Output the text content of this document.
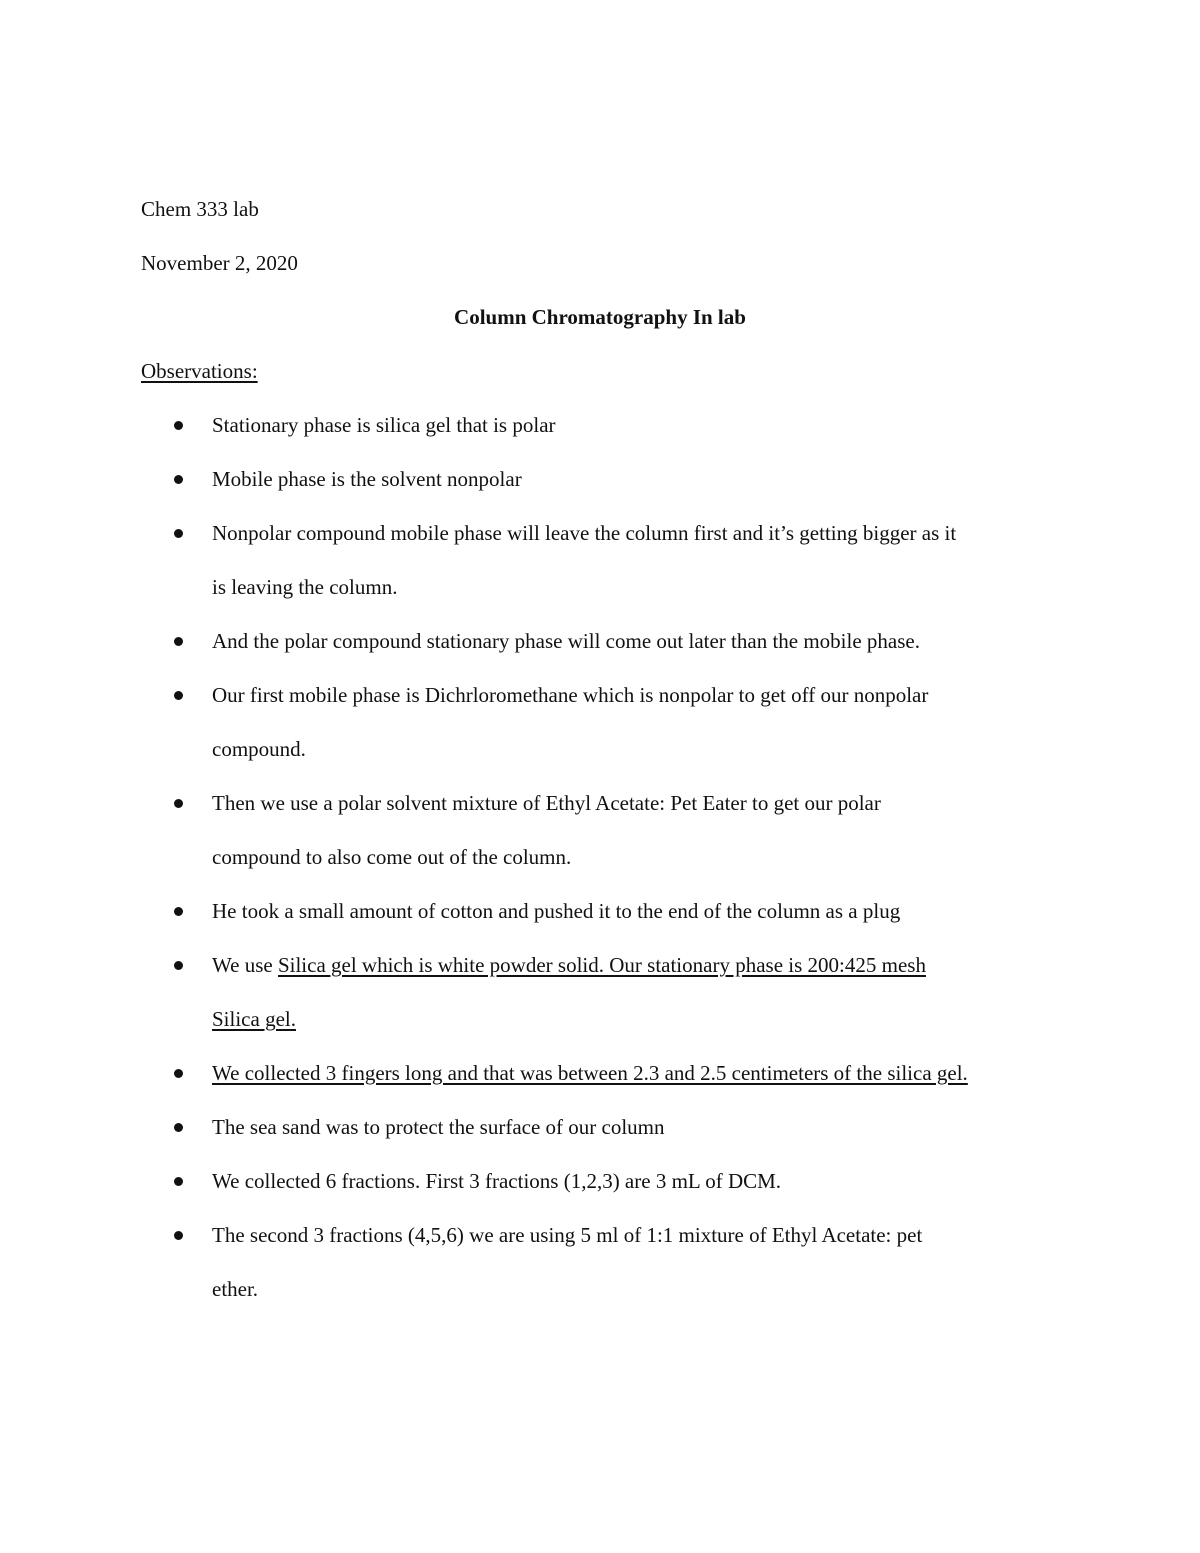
Chem 333 lab

November 2, 2020

Column Chromatography In lab

Observations:

Stationary phase is silica gel that is polar
Mobile phase is the solvent nonpolar
Nonpolar compound mobile phase will leave the column first and it’s getting bigger as it
is leaving the column.
And the polar compound stationary phase will come out later than the mobile phase.
Our first mobile phase is Dichrloromethane which is nonpolar to get off our nonpolar
compound.
Then we use a polar solvent mixture of Ethyl Acetate: Pet Eater to get our polar
compound to also come out of the column.
He took a small amount of cotton and pushed it to the end of the column as a plug
We use Silica gel which is white powder solid. Our stationary phase is 200:425 mesh
Silica gel.
We collected 3 fingers long and that was between 2.3 and 2.5 centimeters of the silica gel.
The sea sand was to protect the surface of our column
We collected 6 fractions. First 3 fractions (1,2,3) are 3 mL of DCM.
The second 3 fractions (4,5,6) we are using 5 ml of 1:1 mixture of Ethyl Acetate: pet
ether.
